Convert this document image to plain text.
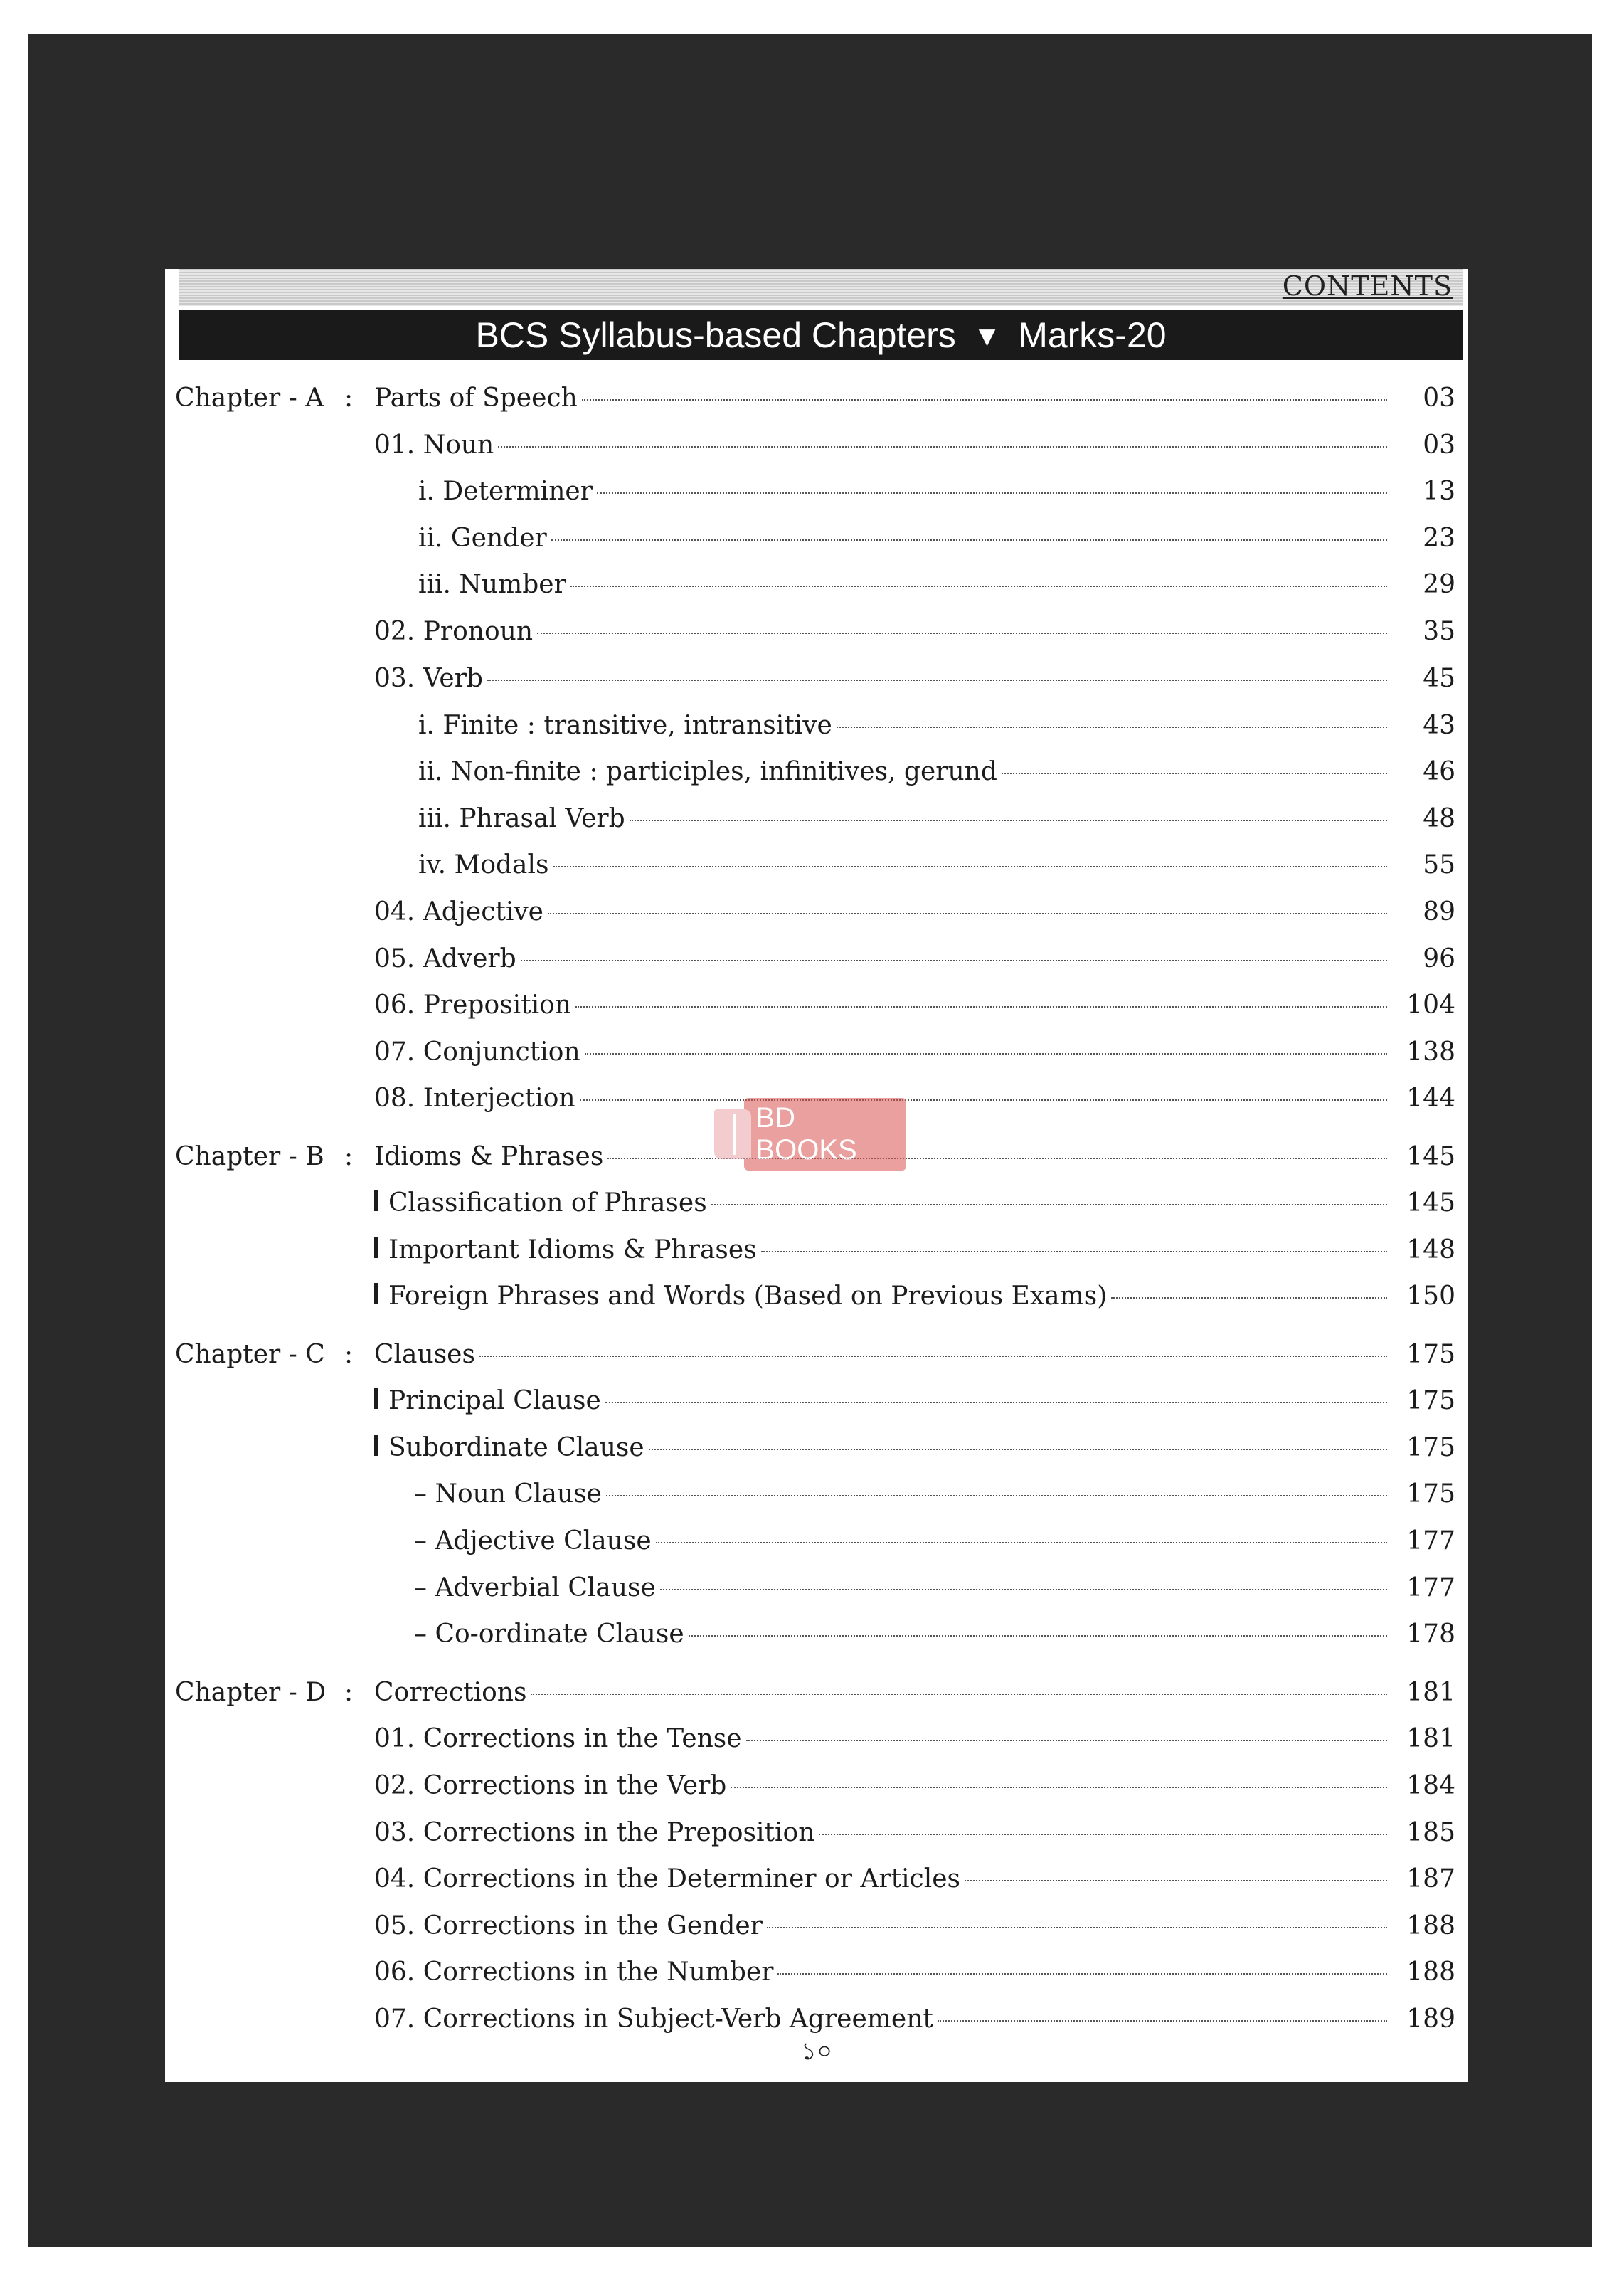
CONTENTS
BCS Syllabus-based Chapters ▼ Marks-20
Chapter - A : Parts of Speech	03
01. Noun	03
i. Determiner	13
ii. Gender	23
iii. Number	29
02. Pronoun	35
03. Verb	45
i. Finite : transitive, intransitive	43
ii. Non-finite : participles, infinitives, gerund	46
iii. Phrasal Verb	48
iv. Modals	55
04. Adjective	89
05. Adverb	96
06. Preposition	104
07. Conjunction	138
08. Interjection	144
Chapter - B : Idioms & Phrases	145
Classification of Phrases	145
Important Idioms & Phrases	148
Foreign Phrases and Words (Based on Previous Exams)	150
Chapter - C : Clauses	175
Principal Clause	175
Subordinate Clause	175
– Noun Clause	175
– Adjective Clause	177
– Adverbial Clause	177
– Co-ordinate Clause	178
Chapter - D : Corrections	181
01. Corrections in the Tense	181
02. Corrections in the Verb	184
03. Corrections in the Preposition	185
04. Corrections in the Determiner or Articles	187
05. Corrections in the Gender	188
06. Corrections in the Number	188
07. Corrections in Subject-Verb Agreement	189
BD BOOKS
১০
